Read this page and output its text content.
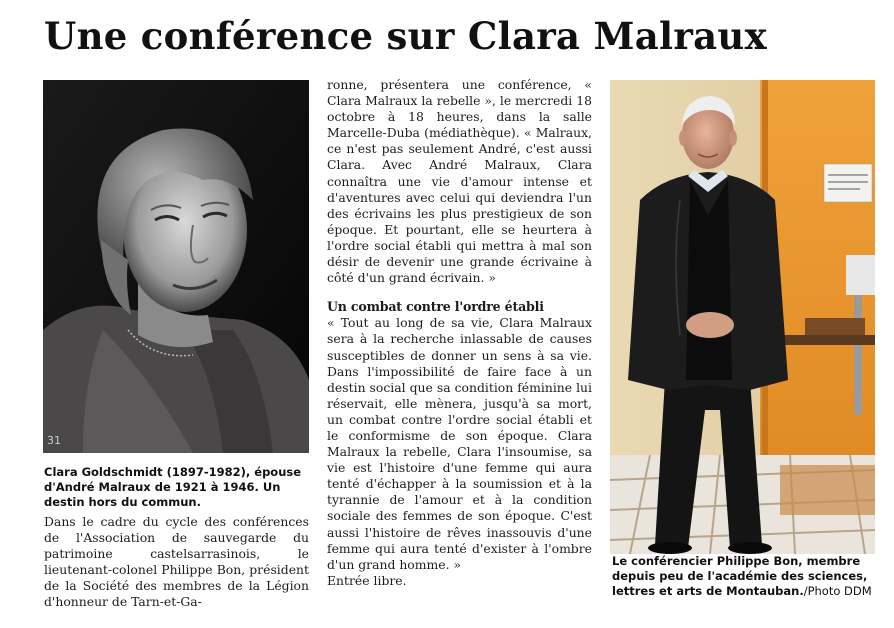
Une conférence sur Clara Malraux
31
Clara Goldschmidt (1897-1982), épouse d'André Malraux de 1921 à 1946. Un destin hors du commun.

Dans le cadre du cycle des conférences de l'Association de sauvegarde du patrimoine castelsarrasinois, le lieutenant-colonel Philippe Bon, président de la Société des membres de la Légion d'honneur de Tarn-et-Ga-

ronne, présentera une conférence, « Clara Malraux la rebelle », le mercredi 18 octobre à 18 heures, dans la salle Marcelle-Duba (médiathèque). « Malraux, ce n'est pas seulement André, c'est aussi Clara. Avec André Malraux, Clara connaîtra une vie d'amour intense et d'aventures avec celui qui deviendra l'un des écrivains les plus prestigieux de son époque. Et pourtant, elle se heurtera à l'ordre social établi qui mettra à mal son désir de devenir une grande écrivaine à côté d'un grand écrivain. »

Un combat contre l'ordre établi

« Tout au long de sa vie, Clara Malraux sera à la recherche inlassable de causes susceptibles de donner un sens à sa vie. Dans l'impossibilité de faire face à un destin social que sa condition féminine lui réservait, elle mènera, jusqu'à sa mort, un combat contre l'ordre social établi et le conformisme de son époque. Clara Malraux la rebelle, Clara l'insoumise, sa vie est l'histoire d'une femme qui aura tenté d'échapper à la soumission et à la tyrannie de l'amour et à la condition sociale des femmes de son époque. C'est aussi l'histoire de rêves inassouvis d'une femme qui aura tenté d'exister à l'ombre d'un grand homme. »

Entrée libre.

Le conférencier Philippe Bon, membre depuis peu de l'académie des sciences, lettres et arts de Montauban./Photo DDM
